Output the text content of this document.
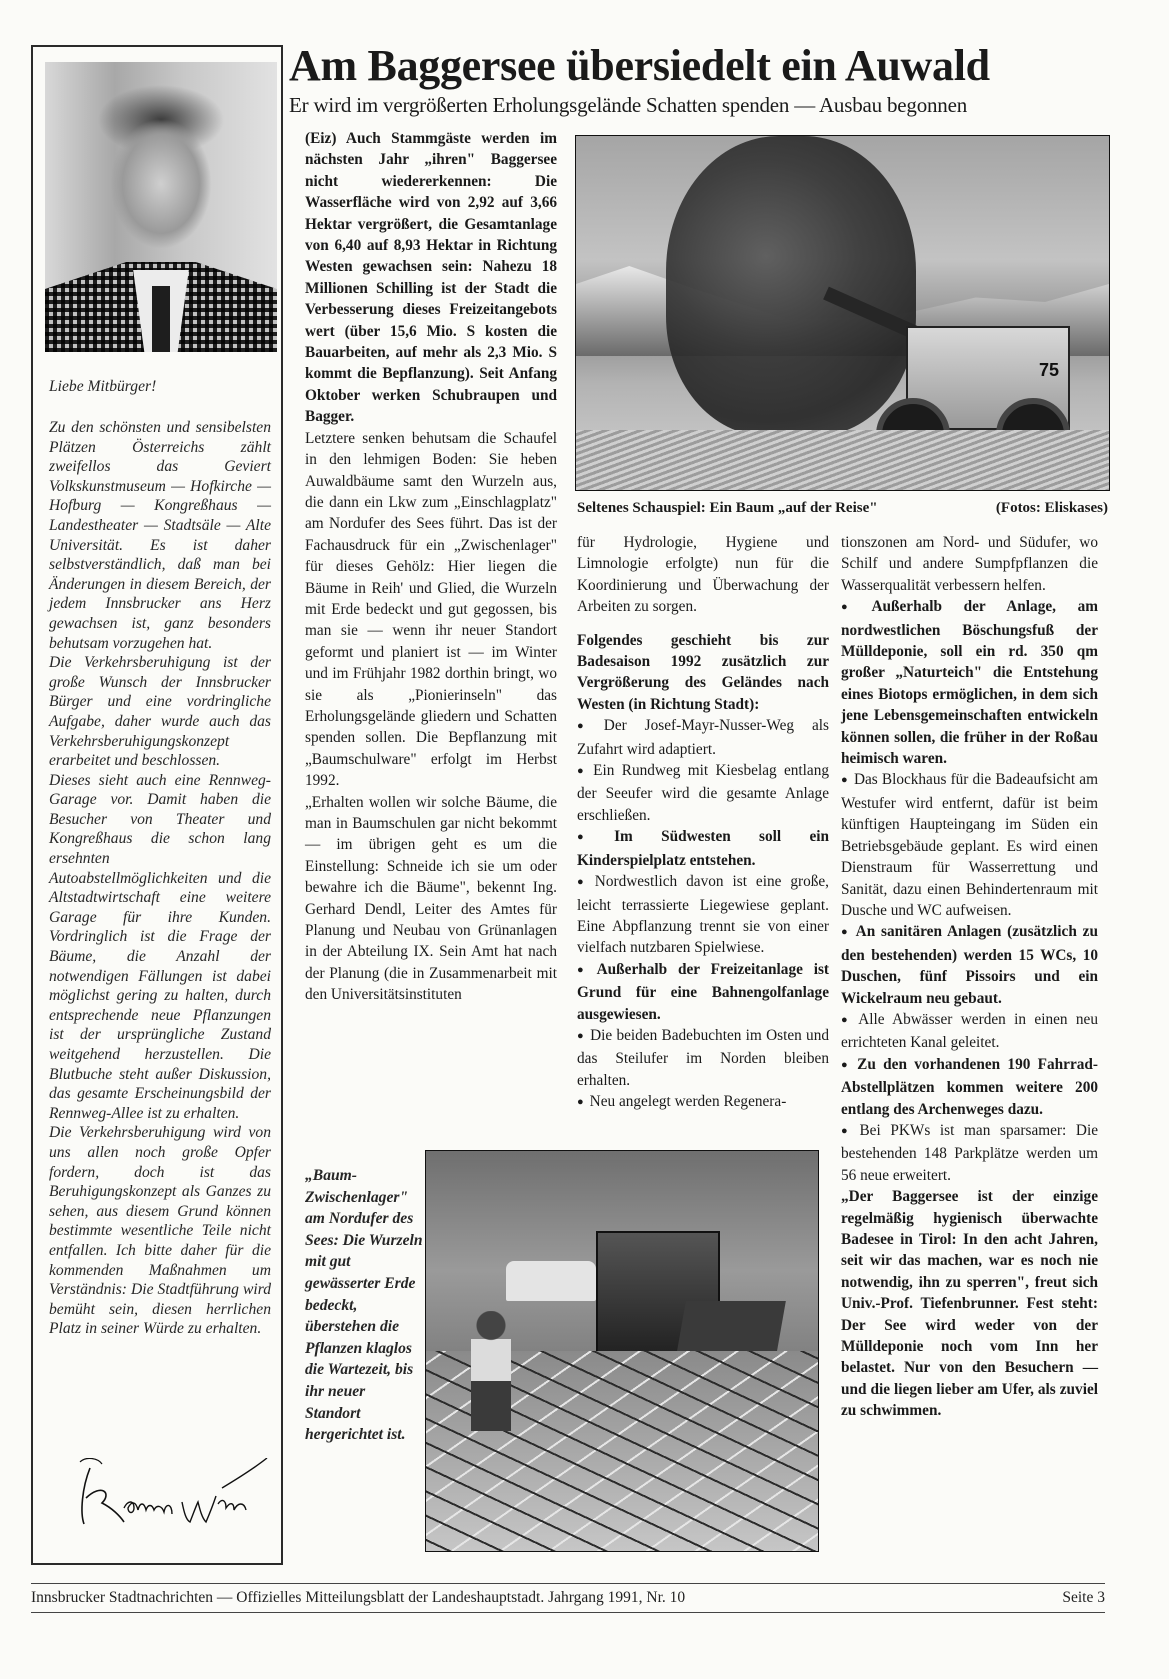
Liebe Mitbürger!

Zu den schönsten und sensibelsten Plätzen Österreichs zählt zweifellos das Geviert Volkskunstmuseum — Hofkirche — Hofburg — Kongreßhaus — Landestheater — Stadtsäle — Alte Universität. Es ist daher selbstverständlich, daß man bei Änderungen in diesem Bereich, der jedem Innsbrucker ans Herz gewachsen ist, ganz besonders behutsam vorzugehen hat.

Die Verkehrsberuhigung ist der große Wunsch der Innsbrucker Bürger und eine vordringliche Aufgabe, daher wurde auch das Verkehrsberuhigungskonzept erarbeitet und beschlossen.

Dieses sieht auch eine Rennweg-Garage vor. Damit haben die Besucher von Theater und Kongreßhaus die schon lang ersehnten Autoabstellmöglichkeiten und die Altstadtwirtschaft eine weitere Garage für ihre Kunden. Vordringlich ist die Frage der Bäume, die Anzahl der notwendigen Fällungen ist dabei möglichst gering zu halten, durch entsprechende neue Pflanzungen ist der ursprüngliche Zustand weitgehend herzustellen. Die Blutbuche steht außer Diskussion, das gesamte Erscheinungsbild der Rennweg-Allee ist zu erhalten.

Die Verkehrsberuhigung wird von uns allen noch große Opfer fordern, doch ist das Beruhigungskonzept als Ganzes zu sehen, aus diesem Grund können bestimmte wesentliche Teile nicht entfallen. Ich bitte daher für die kommenden Maßnahmen um Verständnis: Die Stadtführung wird bemüht sein, diesen herrlichen Platz in seiner Würde zu erhalten.

Am Baggersee übersiedelt ein Auwald
Er wird im vergrößerten Erholungsgelände Schatten spenden — Ausbau begonnen

(Eiz) Auch Stammgäste werden im nächsten Jahr „ihren" Baggersee nicht wiedererkennen: Die Wasserfläche wird von 2,92 auf 3,66 Hektar vergrößert, die Gesamtanlage von 6,40 auf 8,93 Hektar in Richtung Westen gewachsen sein: Nahezu 18 Millionen Schilling ist der Stadt die Verbesserung dieses Freizeitangebots wert (über 15,6 Mio. S kosten die Bauarbeiten, auf mehr als 2,3 Mio. S kommt die Bepflanzung). Seit Anfang Oktober werken Schubraupen und Bagger.

Letztere senken behutsam die Schaufel in den lehmigen Boden: Sie heben Auwaldbäume samt den Wurzeln aus, die dann ein Lkw zum „Einschlagplatz" am Nordufer des Sees führt. Das ist der Fachausdruck für ein „Zwischenlager" für dieses Gehölz: Hier liegen die Bäume in Reih' und Glied, die Wurzeln mit Erde bedeckt und gut gegossen, bis man sie — wenn ihr neuer Standort geformt und planiert ist — im Winter und im Frühjahr 1982 dorthin bringt, wo sie als „Pionierinseln" das Erholungsgelände gliedern und Schatten spenden sollen. Die Bepflanzung mit „Baumschulware" erfolgt im Herbst 1992.

„Erhalten wollen wir solche Bäume, die man in Baumschulen gar nicht bekommt — im übrigen geht es um die Einstellung: Schneide ich sie um oder bewahre ich die Bäume", bekennt Ing. Gerhard Dendl, Leiter des Amtes für Planung und Neubau von Grünanlagen in der Abteilung IX. Sein Amt hat nach der Planung (die in Zusammenarbeit mit den Universitätsinstituten

75
Seltenes Schauspiel: Ein Baum „auf der Reise"	(Fotos: Eliskases)

für Hydrologie, Hygiene und Limnologie erfolgte) nun für die Koordinierung und Überwachung der Arbeiten zu sorgen.

Folgendes geschieht bis zur Badesaison 1992 zusätzlich zur Vergrößerung des Geländes nach Westen (in Richtung Stadt):

● Der Josef-Mayr-Nusser-Weg als Zufahrt wird adaptiert.

● Ein Rundweg mit Kiesbelag entlang der Seeufer wird die gesamte Anlage erschließen.

● Im Südwesten soll ein Kinderspielplatz entstehen.

● Nordwestlich davon ist eine große, leicht terrassierte Liegewiese geplant. Eine Abpflanzung trennt sie von einer vielfach nutzbaren Spielwiese.

● Außerhalb der Freizeitanlage ist Grund für eine Bahnengolfanlage ausgewiesen.

● Die beiden Badebuchten im Osten und das Steilufer im Norden bleiben erhalten.

● Neu angelegt werden Regenera-

tionszonen am Nord- und Südufer, wo Schilf und andere Sumpfpflanzen die Wasserqualität verbessern helfen.

● Außerhalb der Anlage, am nordwestlichen Böschungsfuß der Mülldeponie, soll ein rd. 350 qm großer „Naturteich" die Entstehung eines Biotops ermöglichen, in dem sich jene Lebensgemeinschaften entwickeln können sollen, die früher in der Roßau heimisch waren.

● Das Blockhaus für die Badeaufsicht am Westufer wird entfernt, dafür ist beim künftigen Haupteingang im Süden ein Betriebsgebäude geplant. Es wird einen Dienstraum für Wasserrettung und Sanität, dazu einen Behindertenraum mit Dusche und WC aufweisen.

● An sanitären Anlagen (zusätzlich zu den bestehenden) werden 15 WCs, 10 Duschen, fünf Pissoirs und ein Wickelraum neu gebaut.

● Alle Abwässer werden in einen neu errichteten Kanal geleitet.

● Zu den vorhandenen 190 Fahrrad-Abstellplätzen kommen weitere 200 entlang des Archenweges dazu.

● Bei PKWs ist man sparsamer: Die bestehenden 148 Parkplätze werden um 56 neue erweitert.

„Der Baggersee ist der einzige regelmäßig hygienisch überwachte Badesee in Tirol: In den acht Jahren, seit wir das machen, war es noch nie notwendig, ihn zu sperren", freut sich Univ.-Prof. Tiefenbrunner. Fest steht: Der See wird weder von der Mülldeponie noch vom Inn her belastet. Nur von den Besuchern — und die liegen lieber am Ufer, als zuviel zu schwimmen.

„Baum-Zwischenlager" am Nordufer des Sees: Die Wurzeln mit gut gewässerter Erde bedeckt, überstehen die Pflanzen klaglos die Wartezeit, bis ihr neuer Standort hergerichtet ist.
Innsbrucker Stadtnachrichten — Offizielles Mitteilungsblatt der Landeshauptstadt. Jahrgang 1991, Nr. 10	Seite 3
